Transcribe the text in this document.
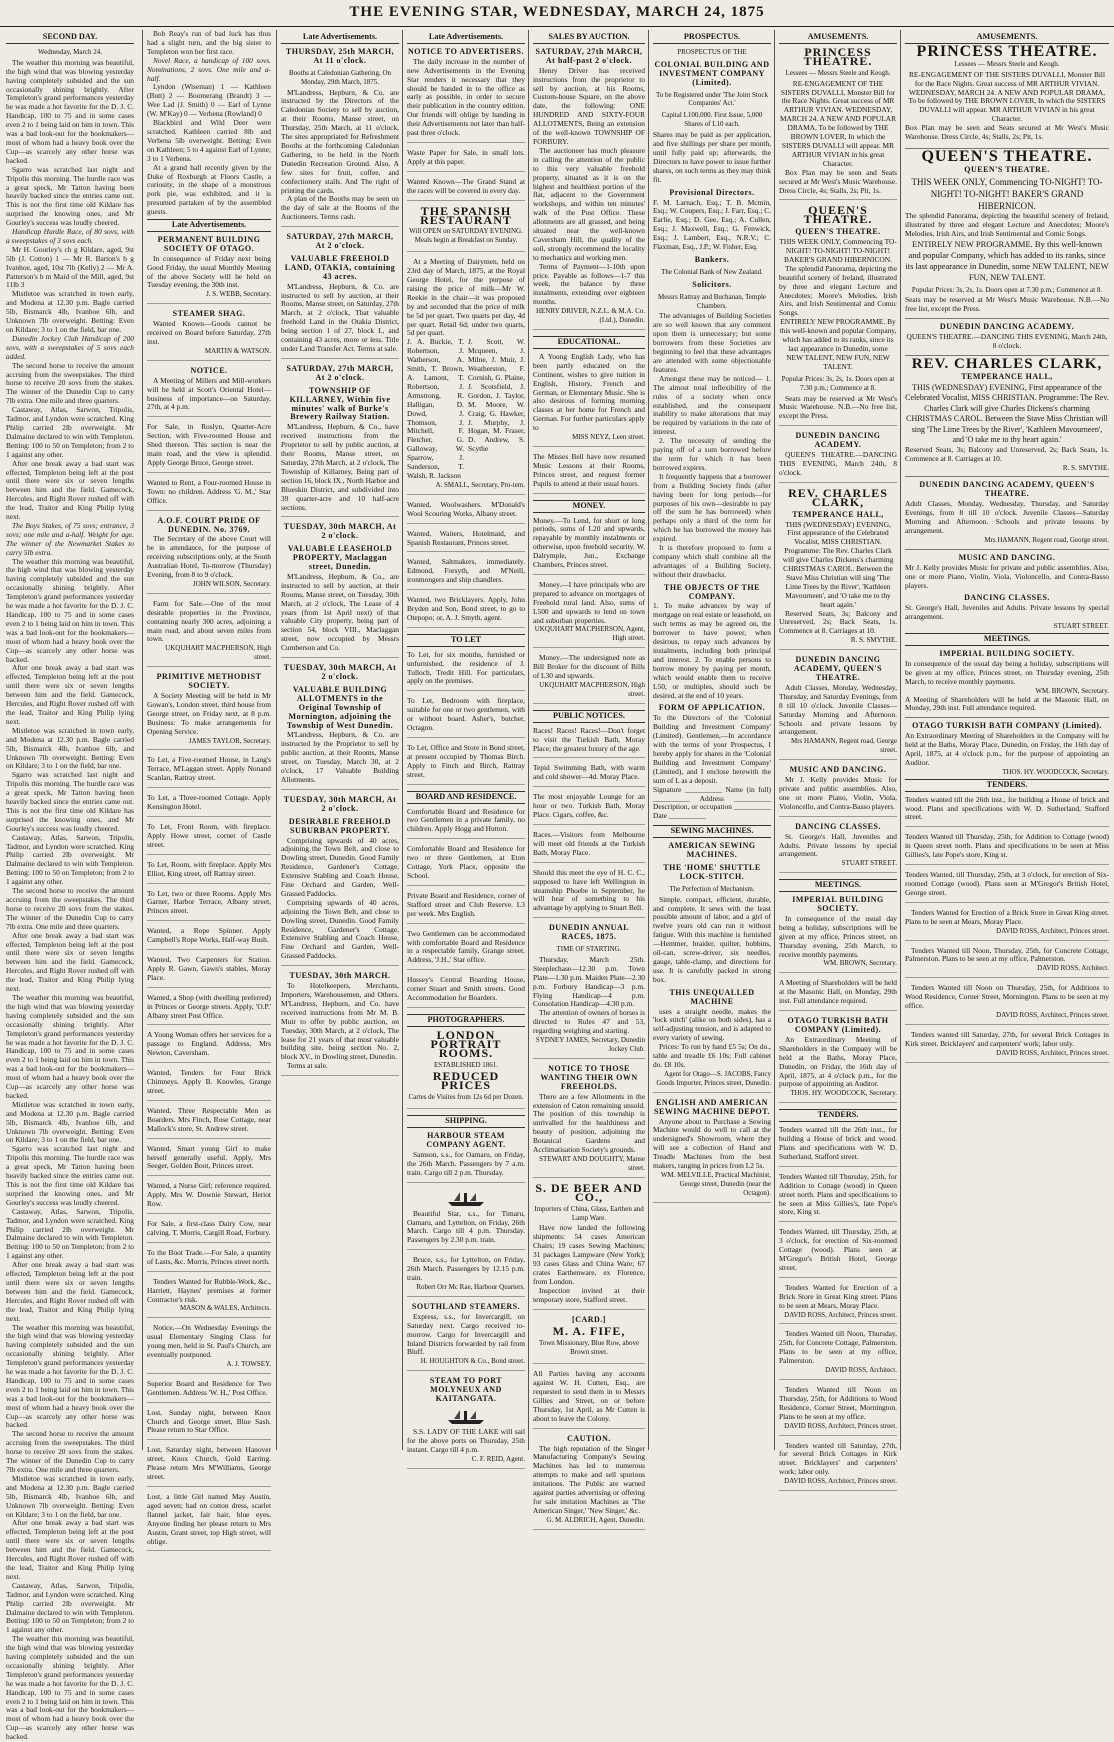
THE EVENING STAR, WEDNESDAY, MARCH 24, 1875
SECOND DAY.
Wednesday, March 24.

The weather this morning was beautiful, the high wind that was blowing yesterday having completely subsided and the sun occasionally shining brightly. After Templeton's grand performances yesterday he was made a hot favorite for the D. J. C. Handicap, 100 to 75 and in some cases even 2 to 1 being laid on him in town. This was a bad look-out for the bookmakers—most of whom had a heavy book over the Cup—as scarcely any other horse was backed.

Sgarro was scratched last night and Tripolis this morning. The hurdle race was a great speck, Mr Tatton having been heavily backed since the entries came out. This is not the first time old Kildare has surprised the knowing ones, and Mr Gourley's success was loudly cheered.

Handicap Hurdle Race, of 80 sovs, with a sweepstakes of 3 sovs each.

Mr H. Gourley's ch g Kildare, aged, 9st 5lb (J. Cotton) 1 — Mr R. Barton's b g Ivanhoe, aged, 10st 7lb (Kelly) 2 — Mr A. Patterson's b m Maid of the Mill, aged, 9st 11lb 3

Mistletoe was scratched in town early, and Modena at 12.30 p.m. Bagle carried 5lb, Bismarck 4lb, Ivanhoe 6lb, and Unknown 7lb overweight. Betting: Even on Kildare; 3 to 1 on the field, bar one.

Dunedin Jockey Club Handicap of 200 sovs, with a sweepstakes of 5 sovs each added.

The second horse to receive the amount accruing from the sweepstakes. The third horse to receive 20 sovs from the stakes. The winner of the Dunedin Cup to carry 7lb extra. One mile and three quarters.

Castaway, Atlas, Sarwon, Tripolis, Tadmor, and Lyndon were scratched. King Philip carried 2lb overweight. Mr Dalmaine declared to win with Templeton. Betting: 100 to 50 on Templeton; from 2 to 1 against any other.

After one break away a bad start was effected, Templeton being left at the post until there were six or seven lengths between him and the field. Gamecock, Hercules, and Right Rover rushed off with the lead, Traitor and King Philip lying next.

The Boys Stakes, of 75 sovs; entrance, 3 sovs; one mile and a-half. Weight for age. The winner of the Newmarket Stakes to carry 5lb extra.

The weather this morning was beautiful, the high wind that was blowing yesterday having completely subsided and the sun occasionally shining brightly. After Templeton's grand performances yesterday he was made a hot favorite for the D. J. C. Handicap, 100 to 75 and in some cases even 2 to 1 being laid on him in town. This was a bad look-out for the bookmakers—most of whom had a heavy book over the Cup—as scarcely any other horse was backed.

After one break away a bad start was effected, Templeton being left at the post until there were six or seven lengths between him and the field. Gamecock, Hercules, and Right Rover rushed off with the lead, Traitor and King Philip lying next.

Mistletoe was scratched in town early, and Modena at 12.30 p.m. Bagle carried 5lb, Bismarck 4lb, Ivanhoe 6lb, and Unknown 7lb overweight. Betting: Even on Kildare; 3 to 1 on the field, bar one.

Sgarro was scratched last night and Tripolis this morning. The hurdle race was a great speck, Mr Tatton having been heavily backed since the entries came out. This is not the first time old Kildare has surprised the knowing ones, and Mr Gourley's success was loudly cheered.

Castaway, Atlas, Sarwon, Tripolis, Tadmor, and Lyndon were scratched. King Philip carried 2lb overweight. Mr Dalmaine declared to win with Templeton. Betting: 100 to 50 on Templeton; from 2 to 1 against any other.

The second horse to receive the amount accruing from the sweepstakes. The third horse to receive 20 sovs from the stakes. The winner of the Dunedin Cup to carry 7lb extra. One mile and three quarters.

After one break away a bad start was effected, Templeton being left at the post until there were six or seven lengths between him and the field. Gamecock, Hercules, and Right Rover rushed off with the lead, Traitor and King Philip lying next.

The weather this morning was beautiful, the high wind that was blowing yesterday having completely subsided and the sun occasionally shining brightly. After Templeton's grand performances yesterday he was made a hot favorite for the D. J. C. Handicap, 100 to 75 and in some cases even 2 to 1 being laid on him in town. This was a bad look-out for the bookmakers—most of whom had a heavy book over the Cup—as scarcely any other horse was backed.

Mistletoe was scratched in town early, and Modena at 12.30 p.m. Bagle carried 5lb, Bismarck 4lb, Ivanhoe 6lb, and Unknown 7lb overweight. Betting: Even on Kildare; 3 to 1 on the field, bar one.

Sgarro was scratched last night and Tripolis this morning. The hurdle race was a great speck, Mr Tatton having been heavily backed since the entries came out. This is not the first time old Kildare has surprised the knowing ones, and Mr Gourley's success was loudly cheered.

Castaway, Atlas, Sarwon, Tripolis, Tadmor, and Lyndon were scratched. King Philip carried 2lb overweight. Mr Dalmaine declared to win with Templeton. Betting: 100 to 50 on Templeton; from 2 to 1 against any other.

After one break away a bad start was effected, Templeton being left at the post until there were six or seven lengths between him and the field. Gamecock, Hercules, and Right Rover rushed off with the lead, Traitor and King Philip lying next.

The weather this morning was beautiful, the high wind that was blowing yesterday having completely subsided and the sun occasionally shining brightly. After Templeton's grand performances yesterday he was made a hot favorite for the D. J. C. Handicap, 100 to 75 and in some cases even 2 to 1 being laid on him in town. This was a bad look-out for the bookmakers—most of whom had a heavy book over the Cup—as scarcely any other horse was backed.

The second horse to receive the amount accruing from the sweepstakes. The third horse to receive 20 sovs from the stakes. The winner of the Dunedin Cup to carry 7lb extra. One mile and three quarters.

Mistletoe was scratched in town early, and Modena at 12.30 p.m. Bagle carried 5lb, Bismarck 4lb, Ivanhoe 6lb, and Unknown 7lb overweight. Betting: Even on Kildare; 3 to 1 on the field, bar one.

After one break away a bad start was effected, Templeton being left at the post until there were six or seven lengths between him and the field. Gamecock, Hercules, and Right Rover rushed off with the lead, Traitor and King Philip lying next.

Castaway, Atlas, Sarwon, Tripolis, Tadmor, and Lyndon were scratched. King Philip carried 2lb overweight. Mr Dalmaine declared to win with Templeton. Betting: 100 to 50 on Templeton; from 2 to 1 against any other.

The weather this morning was beautiful, the high wind that was blowing yesterday having completely subsided and the sun occasionally shining brightly. After Templeton's grand performances yesterday he was made a hot favorite for the D. J. C. Handicap, 100 to 75 and in some cases even 2 to 1 being laid on him in town. This was a bad look-out for the bookmakers—most of whom had a heavy book over the Cup—as scarcely any other horse was backed.

Bob Reay's run of bad luck has thus had a slight turn, and the big sister to Templeton won her first race.

Novel Race, a handicap of 100 sovs. Nominations, 2 sovs. One mile and a-half.

Lyndon (Wiseman) 1 — Kathleen (Butt) 2 — Boomerang (Brandt) 3 — Wee Lad (J. Smith) 0 — Earl of Lynne (W. M'Kay) 0 — Verbena (Rowland) 0

Blackbird and Wild Deer were scratched. Kathleen carried 8lb and Verbena 5lb overweight. Betting: Even on Kathleen; 5 to 4 against Earl of Lynne; 3 to 1 Verbena.

At a grand ball recently given by the Duke of Roxburgh at Floors Castle, a curiosity, in the shape of a monstrous pork pie, was exhibited, and it is presumed partaken of by the assembled guests.

Late Advertisements.
PERMANENT BUILDING SOCIETY OF OTAGO.
In consequence of Friday next being Good Friday, the usual Monthly Meeting of the above Society will be held on Tuesday evening, the 30th inst.
J. S. WEBB, Secretary.
STEAMER SHAG.
Wanted Known—Goods cannot be received on Board before Saturday, 27th inst.
MARTIN & WATSON.
NOTICE.
A Meeting of Millers and Mill-workers will be held at Scott's Oriental Hotel—business of importance—on Saturday, 27th, at 4 p.m.
For Sale, in Roslyn, Quarter-Acre Section, with Five-roomed House and Shed thereon. This section is near the main road, and the view is splendid. Apply George Bruce, George street.
Wanted to Rent, a Four-roomed House in Town: no children. Address 'G. M.,' Star Office.
A.O.F. COURT PRIDE OF DUNEDIN. No. 3769.
The Secretary of the above Court will be in attendance, for the purpose of receiving subscriptions only, at the South Australian Hotel, To-morrow (Thursday) Evening, from 8 to 9 o'clock.
JOHN WILSON, Secretary.
Farm for Sale.—One of the most desirable properties in the Province, containing nearly 300 acres, adjoining a main road, and about seven miles from town.
UKQUHART MACPHERSON, High street.
PRIMITIVE METHODIST SOCIETY.
A Society Meeting will be held in Mr Gowan's, London street, third house from George street, on Friday next, at 8 p.m. Business: To make arrangements for Opening Service.
JAMES TAYLOR, Secretary.
To Let, a Five-roomed House, in Lang's Terrace, M'Laggan street. Apply Nonand Scanlan, Rattray street.
To Let, a Three-roomed Cottage. Apply Kensington Hotel.
To Let, Front Room, with fireplace. Apply Howe street, corner of Castle street.
To Let, Room, with fireplace. Apply Mrs Elliot, King street, off Rattray street.
To Let, two or three Rooms. Apply Mrs Garner, Harbor Terrace, Albany street, Princes street.
Wanted, a Rope Spinner. Apply Campbell's Rope Works, Half-way Bush.
Wanted, Two Carpenters for Station. Apply R. Gawn, Gawn's stables, Moray Place.
Wanted, a Shop (with dwelling preferred) in Princes or George streets. Apply, 'O.P.' Albany street Post Office.
A Young Woman offers her services for a passage to England. Address, Mrs Newton, Caversham.
Wanted, Tenders for Four Brick Chimneys. Apply B. Knowles, Grange street.
Wanted, Three Respectable Men as Boarders. Mrs Finch, Rose Cottage, near Mallock's store, St. Andrew street.
Wanted, Smart young Girl to make herself generally useful. Apply, Mrs Seeger, Golden Boot, Princes street.
Wanted, a Nurse Girl; reference required. Apply, Mrs W. Downie Stewart, Heriot Row.
For Sale, a first-class Dairy Cow, near calving. T. Morris, Cargill Road, Forbury.
To the Boot Trade.—For Sale, a quantity of Lasts, &c. Morris, Princes street north.
Tenders Wanted for Rubble-Work, &c., Harriett, Haynes' premises at former Contractor's risk.
MASON & WALES, Architects.
Notice.—On Wednesday Evenings the usual Elementary Singing Class for young men, held in St. Paul's Church, are eventually postponed.
A. J. TOWSEY.
Superior Board and Residence for Two Gentlemen. Address 'W. H.,' Post Office.
Lost, Sunday night, between Knox Church and George street, Blue Sash. Please return to Star Office.
Lost, Saturday night, between Hanover street, Knox Church, Gold Earring. Please return Mrs M'Williams, George street.
Lost, a little Girl named May Austin, aged seven; had on cotton dress, scarlet flannel jacket, fair hair, blue eyes. Anyone finding her please return to Mrs Austin, Grant street, top High street, will oblige.
Late Advertisements.
THURSDAY, 25th MARCH, At 11 o'clock.
Booths at Caledonian Gathering, On Monday, 29th March, 1875.
M'Landress, Hepburn, & Co. are instructed by the Directors of the Caledonian Society to sell by auction, at their Rooms, Manse street, on Thursday, 25th March, at 11 o'clock, The sites appropriated for Refreshment Booths at the forthcoming Caledonian Gathering, to be held in the North Dunedin Recreation Ground. Also, A few sites for fruit, coffee, and confectionery stalls. And The right of printing the cards.
A plan of the Booths may be seen on the day of sale at the Rooms of the Auctioneers. Terms cash.
SATURDAY, 27th MARCH, At 2 o'clock.
VALUABLE FREEHOLD LAND, OTAKIA, containing 43 acres.
M'Landress, Hepburn, & Co. are instructed to sell by auction, at their Rooms, Manse street, on Saturday, 27th March, at 2 o'clock, That valuable freehold Land in the Otakia District, being section 1 of 27, block I., and containing 43 acres, more or less. Title under Land Transfer Act. Terms at sale.
SATURDAY, 27th MARCH, At 2 o'clock.
TOWNSHIP OF KILLARNEY, Within five minutes' walk of Burke's Brewery Railway Station.
M'Landress, Hepburn, & Co., have received instructions from the Proprietor to sell by public auction, at their Rooms, Manse street, on Saturday, 27th March, at 2 o'clock, The Township of Killarney, Being part of section 16, block IX., North Harbor and Blueskin District, and subdivided into 39 quarter-acre and 10 half-acre sections.
TUESDAY, 30th MARCH, At 2 o'clock.
VALUABLE LEASEHOLD PROPERTY, Maclaggan street, Dunedin.
M'Landress, Hepburn, & Co., are instructed to sell by auction, at their Rooms, Manse street, on Tuesday, 30th March, at 2 o'clock, The Lease of 4 years (from 1st April next) of that valuable City property, being part of section 54, block VIII., Maclaggan street, now occupied by Messrs Cumberson and Co.
TUESDAY, 30th MARCH, At 2 o'clock.
VALUABLE BUILDING ALLOTMENTS in the Original Township of Mornington, adjoining the Township of West Dunedin.
M'Landress, Hepburn, & Co. are instructed by the Proprietor to sell by public auction, at their Rooms, Manse street, on Tuesday, March 30, at 2 o'clock, 17 Valuable Building Allotments.
TUESDAY, 30th MARCH, At 2 o'clock.
DESIRABLE FREEHOLD SUBURBAN PROPERTY.
Comprising upwards of 40 acres, adjoining the Town Belt, and close to Dowling street, Dunedin. Good Family Residence, Gardener's Cottage, Extensive Stabling and Coach House, Fine Orchard and Garden, Well-Grassed Paddocks.
Comprising upwards of 40 acres, adjoining the Town Belt, and close to Dowling street, Dunedin. Good Family Residence, Gardener's Cottage, Extensive Stabling and Coach House, Fine Orchard and Garden, Well-Grassed Paddocks.
TUESDAY, 30th MARCH.
To Hotelkeepers, Merchants, Importers, Warehousemen, and Others. M'Landress, Hepburn, and Co. have received instructions from Mr M. B. Muir to offer by public auction, on Tuesday, 30th March, at 2 o'clock, The lease for 21 years of that most valuable building site, being section No. 2, block XV., in Dowling street, Dunedin.
Terms at sale.
Late Advertisements.
NOTICE TO ADVERTISERS.
The daily increase in the number of new Advertisements in the Evening Star renders it necessary that they should be handed in to the office as early as possible, in order to secure their publication in the country edition. Our friends will oblige by handing in their Advertisements not later than half-past three o'clock.
Waste Paper for Sale, in small lots. Apply at this paper.
Wanted Known—The Grand Stand at the races will be covered in every day.
THE SPANISH RESTAURANT
Will OPEN on SATURDAY EVENING. Meals begin at Breakfast on Sunday.
At a Meeting of Dairymen, held on 23rd day of March, 1875, at the Royal George Hotel, for the purpose of raising the price of milk—Mr W. Reekie in the chair—it was proposed by and seconded that the price of milk be 5d per quart. Two quarts per day, 4d per quart. Retail 6d; under two quarts, 5d per quart.
J. A. Buckie, T. Robertson, J. Watherson, A. Smith, T. Brown, A. Lamont, T. Robertson, J. Armstrong, R. Halligan, D. Dowd, J. Thomson, J. Mitchell, F. Fletcher, G. Galloway, W. Sparrow, J. Sanderson, T. Walsh, R. Jackson
J. Scott, W. Mcqueen, J. Milne, J. Muir, J. Weatherston, F. Cornish, G. Plaine, J. Scotsfield, J. Gordon, J. Taylor, M. Moore, W. Craig, G. Hawker, J. Murphy, J. Hogan, M. Fraser, D. Andrew, S. Scythe
A. SMALL, Secretary, Pro-tem.
Wanted, Woolwashers. M'Donald's Wool Scouring Works, Albany street.
Wanted, Waiters, Hotelmaid, and Spanish Restaurant, Princes street.
Wanted, Saltmakers, immediately. Edmond, Forsyth, and M'Neill, ironmongers and ship chandlers.
Wanted, two Bricklayers. Apply, John Bryden and Son, Bond street, to go to Otepopo; or, A. J. Smyth, agent.
TO LET
To Let, for six months, furnished or unfurnished, the residence of J. Tulloch, Tredit Hill. For particulars, apply on the premises.
To Let, Bedroom with fireplace, suitable for one or two gentlemen, with or without board. Asher's, butcher, Octagon.
To Let, Office and Store in Bond street, at present occupied by Thomas Birch. Apply to Finch and Birch, Rattray street.
BOARD AND RESIDENCE.
Comfortable Board and Residence for two Gentlemen in a private family, no children. Apply Hogg and Hutton.
Comfortable Board and Residence for two or three Gentlemen, at Eton Cottage, York Place, opposite the School.
Private Board and Residence, corner of Stafford street and Club Reserve. L3 per week. Mrs English.
Two Gentlemen can be accommodated with comfortable Board and Residence in a respectable family, Grange street. Address, 'J.H.,' Star office.
Hussey's Central Boarding House, corner Stuart and Smith streets. Good Accommodation for Boarders.
PHOTOGRAPHERS.
LONDON PORTRAIT ROOMS.
ESTABLISHED 1861.
REDUCED PRICES
Cartes de Visites from 12s 6d per Dozen.
SHIPPING.
HARBOUR STEAM COMPANY AGENT.
Samson, s.s., for Oamaru, on Friday, the 26th March. Passengers by 7 a.m. train. Cargo till 2 p.m. Thursday.
Beautiful Star, s.s., for Timaru, Oamaru, and Lyttelton, on Friday, 26th March. Cargo till 4 p.m. Thursday. Passengers by 2.30 p.m. train.
Bruce, s.s., for Lyttelton, on Friday, 26th March. Passengers by 12.15 p.m. train.
Robert Orr Mc Rae, Harbour Quarters.
SOUTHLAND STEAMERS.
Express, s.s., for Invercargill, on Saturday next. Cargo received to-morrow. Cargo for Invercargill and Inland Districts forwarded by rail from Bluff.
H. HOUGHTON & Co., Bond street.
STEAM TO PORT MOLYNEUX AND KAITANGATA.
S.S. LADY OF THE LAKE will sail for the above ports on Thursday, 25th instant. Cargo till 4 p.m.
C. F. REID, Agent.
SALES BY AUCTION.
SATURDAY, 27th MARCH, At half-past 2 o'clock.
Henry Driver has received instructions from the proprietor to sell by auction, at his Rooms, Custom-house Square, on the above date, the following: ONE HUNDRED AND SIXTY-FOUR ALLOTMENTS, Being an extension of the well-known TOWNSHIP OF FORBURY.
The auctioneer has much pleasure in calling the attention of the public to this very valuable freehold property, situated as it is on the highest and healthiest portion of the flat, adjacent to the Government workshops, and within ten minutes' walk of the Post Office. These allotments are all grassed, and being situated near the well-known Caversham Hill, the quality of the soil, strongly recommend the locality to mechanics and working men.
Terms of Payment—1-10th upon price. Payable as follows—1-7 this week, the balance by three instalments, extending over eighteen months.
HENRY DRIVER, N.Z.L. & M.A. Co. (Ltd.), Dunedin.
EDUCATIONAL.
A Young English Lady, who has been partly educated on the Continent, wishes to give tuition in English, History, French and German, or Elementary Music. She is also desirous of forming morning classes at her home for French and German. For further particulars apply to
MISS NEYZ, Leen street.
The Misses Bell have now resumed Music Lessons at their Rooms, Princes street, and request former Pupils to attend at their usual hours.
MONEY.
Money.—To Lend, for short or long periods, sums of L20 and upwards, repayable by monthly instalments or otherwise, upon freehold security. W. Dalrymple, Jun., Exchange Chambers, Princes street.
Money.—I have principals who are prepared to advance on mortgages of Freehold rural land. Also, sums of L500 and upwards to lend on town and suburban properties.
UKQUHART MACPHERSON, Agent, High street.
Money.—The undersigned note as Bill Broker for the discount of Bills of L30 and upwards.
UKQUHART MACPHERSON, High street.
PUBLIC NOTICES.
Races! Races! Races!—Don't forget to visit the Turkish Bath, Moray Place; the greatest luxury of the age.
Tepid Swimming Bath, with warm and cold shower—4d. Moray Place.
The most enjoyable Lounge for an hour or two. Turkish Bath, Moray Place. Cigars, coffee, &c.
Races.—Visitors from Melbourne will meet old friends at the Turkish Bath, Moray Place.
Should this meet the eye of H. C. C., supposed to have left Wellington in steamship Phoebe in September, he will hear of something to his advantage by applying to Stuart Bell.
DUNEDIN ANNUAL RACES, 1875.
TIME OF STARTING.
Thursday, March 25th. Steeplechase—12.30 p.m. Town Plate—1.30 p.m. Maiden Plate—2.30 p.m. Forbury Handicap—3 p.m. Flying Handicap—4 p.m. Consolation Handicap—4.30 p.m.
The attention of owners of horses is directed to Rules 47 and 53, regarding weighing and starting.
SYDNEY JAMES, Secretary, Dunedin Jockey Club.
NOTICE TO THOSE WANTING THEIR OWN FREEHOLDS.
There are a few Allotments in the extension of Caton remaining unsold. The position of this township is unrivalled for the healthiness and beauty of position, adjoining the Botanical Gardens and Acclimatisation Society's grounds.
STEWART AND DOUGHTY, Manse street.
S. DE BEER AND CO.,
Importers of China, Glass, Earthen and Lamp Ware.
Have now landed the following shipments: 54 cases American Chairs; 19 cases Sewing Machines; 31 packages Lampware (New York); 93 cases Glass and China Ware; 67 crates Earthenware, ex Florence, from London.
Inspection invited at their temporary store, Stafford street.
[CARD.]
M. A. FIFE,
Town Missionary, Blue Row, above Brown street.
All Parties having any accounts against W. H. Cutten, Esq., are requested to send them in to Messrs Gillies and Street, on or before Thursday, 1st April, as Mr Cutten is about to leave the Colony.
CAUTION.
The high reputation of the Singer Manufacturing Company's Sewing Machines has led to numerous attempts to make and sell spurious imitations. The Public are warned against parties advertising or offering for sale imitation Machines as 'The American Singer,' 'New Singer,' &c.
G. M. ALDRICH, Agent, Dunedin.
PROSPECTUS.
PROSPECTUS OF THE
COLONIAL BUILDING AND INVESTMENT COMPANY (Limited).
To be Registered under 'The Joint Stock Companies' Act.'
Capital L100,000. First Issue, 5,000 Shares of L10 each.
Shares may be paid as per application, and five shillings per share per month, until fully paid up; afterwards, the Directors to have power to issue further shares, on such terms as they may think fit.
Provisional Directors.
F. M. Larnach, Esq.; T. B. Mcmin, Esq.; W. Coupers, Esq.; J. Farr, Esq.; C. Earlie, Esq.; D. Gee, Esq.; A. Cullen, Esq.; J. Maxwell, Esq.; G. Fenwick, Esq.; J. Lambert, Esq., N.R.V.; C. Flaxman, Esq., J.P.; W. Fisher, Esq.
Bankers.
The Colonial Bank of New Zealand.
Solicitors.
Messrs Rattray and Buchanan, Temple Chambers.

The advantages of Building Societies are so well known that any comment upon them is unnecessary; but some borrowers from these Societies are beginning to feel that these advantages are attended with some objectionable features.

Amongst these may be noticed— 1. The almost total inflexibility of the rules of a society when once established, and the consequent inability to make alterations that may be required by variations in the rate of interest.

2. The necessity of sending the paying off of a sum borrowed before the term for which it has been borrowed expires.

It frequently happens that a borrower from a Building Society finds (after having been for long periods—for purposes of his own—desirable to pay off the sum he has borrowed) when perhaps only a third of the term for which he has borrowed the money has expired.

It is therefore proposed to form a company which shall combine all the advantages of a Building Society, without their drawbacks.

THE OBJECTS OF THE COMPANY.
1. To make advances by way of mortgage on real estate or leasehold, on such terms as may be agreed on, the borrower to have power, when desirous, to repay such advances by instalments, including both principal and interest. 2. To enable persons to borrow money by paying per month, which would enable them to receive L50, or multiples, should such be desired, at the end of 10 years.
FORM OF APPLICATION.
To the Directors of the 'Colonial Building and Investment Company' (Limited). Gentlemen,—In accordance with the terms of your Prospectus, I hereby apply for shares in the 'Colonial Building and Investment Company' (Limited), and I enclose herewith the sum of L as a deposit.
Signature __________ Name (in full) __________ Address __________ Description, or occupation __________ Date __________
SEWING MACHINES.
AMERICAN SEWING MACHINES.
THE 'HOME' SHUTTLE LOCK-STITCH.
The Perfection of Mechanism.
Simple, compact, efficient, durable, and complete. It sews with the least possible amount of labor, and a girl of twelve years old can run it without fatigue. With this machine is furnished—Hemmer, braider, quilter, bobbins, oil-can, screw-driver, six needles, gauge, table-clamp, and directions for use. It is carefully packed in strong box.
THIS UNEQUALLED MACHINE
uses a straight needle, makes the 'lock stitch' (alike on both sides), has a self-adjusting tension, and is adapted to every variety of sewing.
Prices: To run by hand £5 5s; On do., table and treadle £6 10s; Full cabinet do. £8 10s.
Agent for Otago—S. JACOBS, Fancy Goods Importer, Princes street, Dunedin.
ENGLISH AND AMERICAN SEWING MACHINE DEPOT.
Anyone about to Purchase a Sewing Machine would do well to call at the undersigned's Showroom, where they will see a collection of Hand and Treadle Machines from the best makers, ranging in prices from L2 5s.
WM. MELVILLE, Practical Machinist, George street, Dunedin (near the Octagon).
AMUSEMENTS.
PRINCESS THEATRE.
Lessees — Messrs Steele and Keogh.
RE-ENGAGEMENT OF THE SISTERS DUVALLI, Monster Bill for the Race Nights. Great success of MR ARTHUR VIVIAN. WEDNESDAY, MARCH 24. A NEW AND POPULAR DRAMA, To be followed by THE BROWN LOVER, In which the SISTERS DUVALLI will appear. MR ARTHUR VIVIAN in his great Character.
Box Plan may be seen and Seats secured at Mr West's Music Warehouse. Dress Circle, 4s; Stalls, 2s; Pit, 1s.
QUEEN'S THEATRE.
QUEEN'S THEATRE.
THIS WEEK ONLY, Commencing TO-NIGHT! TO-NIGHT! TO-NIGHT! BAKER'S GRAND HIBERNICON.
The splendid Panorama, depicting the beautiful scenery of Ireland, illustrated by three and elegant Lecture and Anecdotes; Moore's Melodies, Irish Airs, and Irish Sentimental and Comic Songs.
ENTIRELY NEW PROGRAMME. By this well-known and popular Company, which has added to its ranks, since its last appearance in Dunedin, some NEW TALENT, NEW FUN, NEW TALENT.
Popular Prices: 3s, 2s, 1s. Doors open at 7.30 p.m.; Commence at 8.
Seats may be reserved at Mr West's Music Warehouse. N.B.—No free list, except the Press.
DUNEDIN DANCING ACADEMY.
QUEEN'S THEATRE.—DANCING THIS EVENING, March 24th, 8 o'clock.
REV. CHARLES CLARK,
TEMPERANCE HALL,
THIS (WEDNESDAY) EVENING, First appearance of the Celebrated Vocalist, MISS CHRISTIAN. Programme: The Rev. Charles Clark will give Charles Dickens's charming CHRISTMAS CAROL. Between the Stave Miss Christian will sing 'The Lime Trees by the River', 'Kathleen Mavourneen', and 'O take me to thy heart again.'
Reserved Seats, 3s; Balcony and Unreserved, 2s; Back Seats, 1s. Commence at 8. Carriages at 10.
R. S. SMYTHE.
DUNEDIN DANCING ACADEMY, QUEEN'S THEATRE.
Adult Classes, Monday, Wednesday, Thursday, and Saturday Evenings, from 8 till 10 o'clock. Juvenile Classes—Saturday Morning and Afternoon. Schools and private lessons by arrangement.
Mrs HAMANN, Regent road, George street.
MUSIC AND DANCING.
Mr J. Kelly provides Music for private and public assemblies. Also, one or more Piano, Violin, Viola, Violoncello, and Contra-Basso players.
DANCING CLASSES.
St. George's Hall, Juveniles and Adults. Private lessons by special arrangement.
STUART STREET.
MEETINGS.
IMPERIAL BUILDING SOCIETY.
In consequence of the usual day being a holiday, subscriptions will be given at my office, Princes street, on Thursday evening, 25th March, to receive monthly payments.
WM. BROWN, Secretary.
A Meeting of Shareholders will be held at the Masonic Hall, on Monday, 29th inst. Full attendance required.
OTAGO TURKISH BATH COMPANY (Limited).
An Extraordinary Meeting of Shareholders in the Company will be held at the Baths, Moray Place, Dunedin, on Friday, the 16th day of April, 1875, at 4 o'clock p.m., for the purpose of appointing an Auditor.
THOS. HY. WOODCOCK, Secretary.
TENDERS.
Tenders wanted till the 26th inst., for building a House of brick and wood. Plans and specifications with W. D. Sutherland, Stafford street.
Tenders Wanted till Thursday, 25th, for Addition to Cottage (wood) in Queen street north. Plans and specifications to be seen at Miss Gillies's, late Pope's store, King st.
Tenders Wanted, till Thursday, 25th, at 3 o'clock, for erection of Six-roomed Cottage (wood). Plans seen at M'Gregor's British Hotel, George street.
Tenders Wanted for Erection of a Brick Store in Great King street. Plans to be seen at Mears, Moray Place.
DAVID ROSS, Architect, Princes street.
Tenders Wanted till Noon, Thursday, 25th, for Concrete Cottage, Palmerston. Plans to be seen at my office, Palmerston.
DAVID ROSS, Architect.
Tenders Wanted till Noon on Thursday, 25th, for Additions to Wood Residence, Corner Street, Mornington. Plans to be seen at my office.
DAVID ROSS, Architect, Princes street.
Tenders wanted till Saturday, 27th, for several Brick Cottages in Kirk street. Bricklayers' and carpenters' work; labor only.
DAVID ROSS, Architect, Princes street.
AMUSEMENTS.
PRINCESS THEATRE.
Lessees — Messrs Steele and Keogh.
RE-ENGAGEMENT OF THE SISTERS DUVALLI, Monster Bill for the Race Nights. Great success of MR ARTHUR VIVIAN. WEDNESDAY, MARCH 24. A NEW AND POPULAR DRAMA, To be followed by THE BROWN LOVER, In which the SISTERS DUVALLI will appear. MR ARTHUR VIVIAN in his great Character.
Box Plan may be seen and Seats secured at Mr West's Music Warehouse. Dress Circle, 4s; Stalls, 2s; Pit, 1s.
QUEEN'S THEATRE.
QUEEN'S THEATRE.
THIS WEEK ONLY, Commencing TO-NIGHT! TO-NIGHT! TO-NIGHT! BAKER'S GRAND HIBERNICON.
The splendid Panorama, depicting the beautiful scenery of Ireland, illustrated by three and elegant Lecture and Anecdotes; Moore's Melodies, Irish Airs, and Irish Sentimental and Comic Songs.
ENTIRELY NEW PROGRAMME. By this well-known and popular Company, which has added to its ranks, since its last appearance in Dunedin, some NEW TALENT, NEW FUN, NEW TALENT.
Popular Prices: 3s, 2s, 1s. Doors open at 7.30 p.m.; Commence at 8.
Seats may be reserved at Mr West's Music Warehouse. N.B.—No free list, except the Press.
DUNEDIN DANCING ACADEMY.
QUEEN'S THEATRE.—DANCING THIS EVENING, March 24th, 8 o'clock.
REV. CHARLES CLARK,
TEMPERANCE HALL,
THIS (WEDNESDAY) EVENING, First appearance of the Celebrated Vocalist, MISS CHRISTIAN. Programme: The Rev. Charles Clark will give Charles Dickens's charming CHRISTMAS CAROL. Between the Stave Miss Christian will sing 'The Lime Trees by the River', 'Kathleen Mavourneen', and 'O take me to thy heart again.'
Reserved Seats, 3s; Balcony and Unreserved, 2s; Back Seats, 1s. Commence at 8. Carriages at 10.
R. S. SMYTHE.
DUNEDIN DANCING ACADEMY, QUEEN'S THEATRE.
Adult Classes, Monday, Wednesday, Thursday, and Saturday Evenings, from 8 till 10 o'clock. Juvenile Classes—Saturday Morning and Afternoon. Schools and private lessons by arrangement.
Mrs HAMANN, Regent road, George street.
MUSIC AND DANCING.
Mr J. Kelly provides Music for private and public assemblies. Also, one or more Piano, Violin, Viola, Violoncello, and Contra-Basso players.
DANCING CLASSES.
St. George's Hall, Juveniles and Adults. Private lessons by special arrangement.
STUART STREET.
MEETINGS.
IMPERIAL BUILDING SOCIETY.
In consequence of the usual day being a holiday, subscriptions will be given at my office, Princes street, on Thursday evening, 25th March, to receive monthly payments.
WM. BROWN, Secretary.
A Meeting of Shareholders will be held at the Masonic Hall, on Monday, 29th inst. Full attendance required.
OTAGO TURKISH BATH COMPANY (Limited).
An Extraordinary Meeting of Shareholders in the Company will be held at the Baths, Moray Place, Dunedin, on Friday, the 16th day of April, 1875, at 4 o'clock p.m., for the purpose of appointing an Auditor.
THOS. HY. WOODCOCK, Secretary.
TENDERS.
Tenders wanted till the 26th inst., for building a House of brick and wood. Plans and specifications with W. D. Sutherland, Stafford street.
Tenders Wanted till Thursday, 25th, for Addition to Cottage (wood) in Queen street north. Plans and specifications to be seen at Miss Gillies's, late Pope's store, King st.
Tenders Wanted, till Thursday, 25th, at 3 o'clock, for erection of Six-roomed Cottage (wood). Plans seen at M'Gregor's British Hotel, George street.
Tenders Wanted for Erection of a Brick Store in Great King street. Plans to be seen at Mears, Moray Place.
DAVID ROSS, Architect, Princes street.
Tenders Wanted till Noon, Thursday, 25th, for Concrete Cottage, Palmerston. Plans to be seen at my office, Palmerston.
DAVID ROSS, Architect.
Tenders Wanted till Noon on Thursday, 25th, for Additions to Wood Residence, Corner Street, Mornington. Plans to be seen at my office.
DAVID ROSS, Architect, Princes street.
Tenders wanted till Saturday, 27th, for several Brick Cottages in Kirk street. Bricklayers' and carpenters' work; labor only.
DAVID ROSS, Architect, Princes street.
